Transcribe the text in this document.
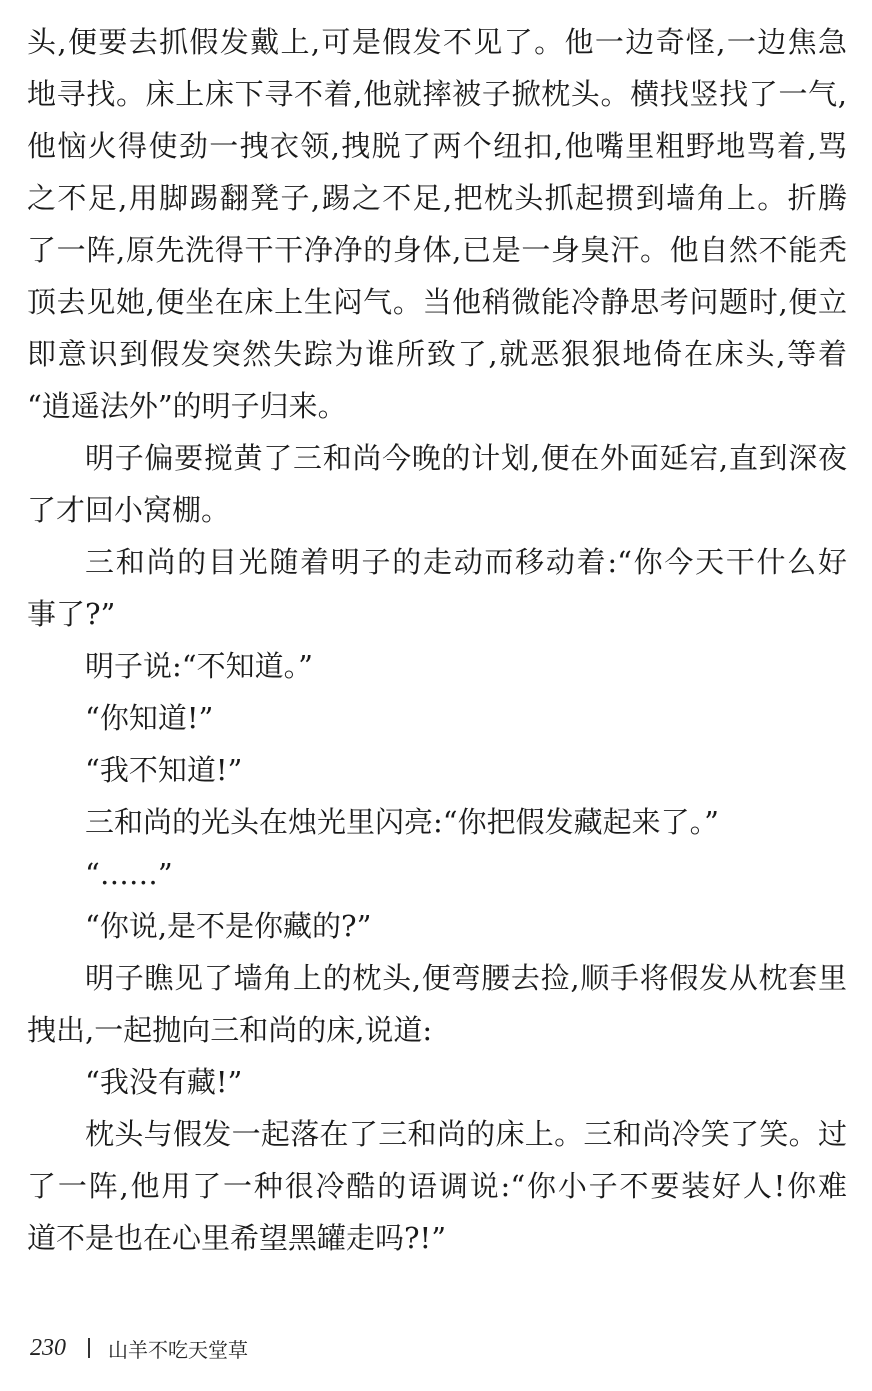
头,便要去抓假发戴上,可是假发不见了。他一边奇怪,一边焦急
地寻找。床上床下寻不着,他就摔被子掀枕头。横找竖找了一气,
他恼火得使劲一拽衣领,拽脱了两个纽扣,他嘴里粗野地骂着,骂
之不足,用脚踢翻凳子,踢之不足,把枕头抓起掼到墙角上。折腾
了一阵,原先洗得干干净净的身体,已是一身臭汗。他自然不能秃
顶去见她,便坐在床上生闷气。当他稍微能冷静思考问题时,便立
即意识到假发突然失踪为谁所致了,就恶狠狠地倚在床头,等着
“逍遥法外”的明子归来。
明子偏要搅黄了三和尚今晚的计划,便在外面延宕,直到深夜
了才回小窝棚。
三和尚的目光随着明子的走动而移动着:“你今天干什么好
事了?”
明子说:“不知道。”
“你知道!”
“我不知道!”
三和尚的光头在烛光里闪亮:“你把假发藏起来了。”
“……”
“你说,是不是你藏的?”
明子瞧见了墙角上的枕头,便弯腰去捡,顺手将假发从枕套里
拽出,一起抛向三和尚的床,说道:
“我没有藏!”
枕头与假发一起落在了三和尚的床上。三和尚冷笑了笑。过
了一阵,他用了一种很冷酷的语调说:“你小子不要装好人!你难
道不是也在心里希望黑罐走吗?!”
230 山羊不吃天堂草
